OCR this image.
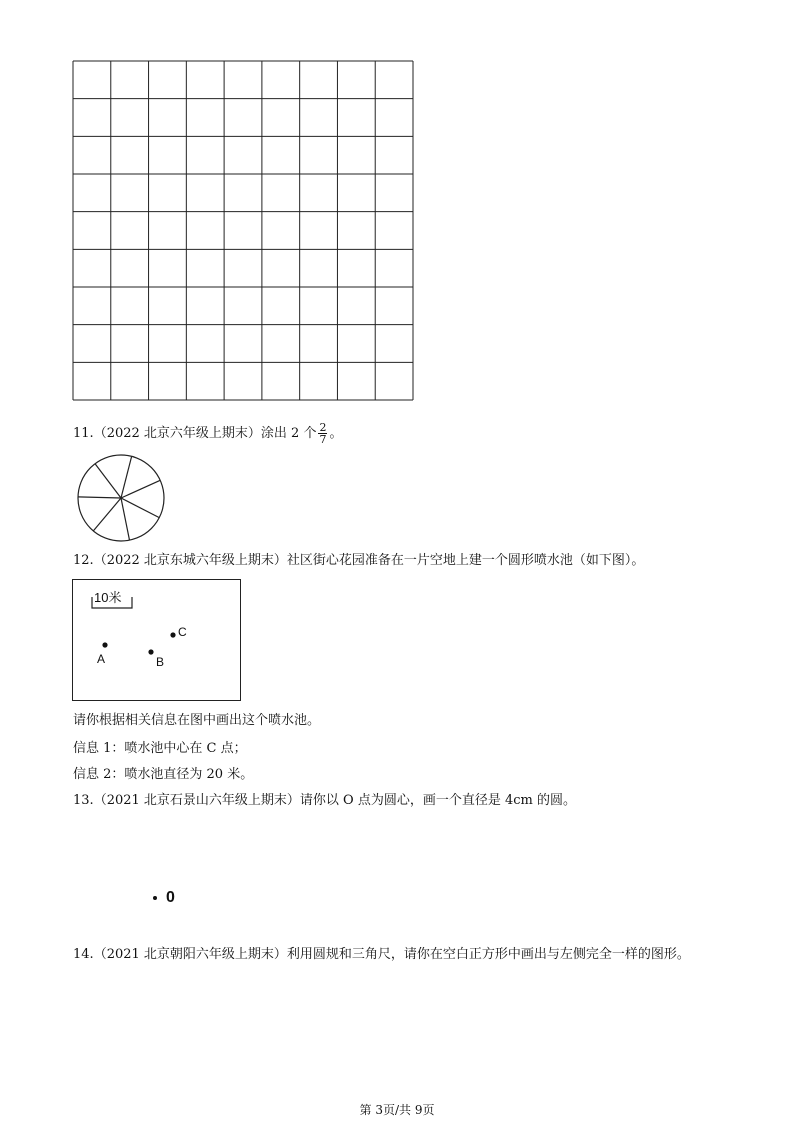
11.（2022 北京六年级上期末）涂出 2 个 $\frac{2}{7}$ 。
12.（2022 北京东城六年级上期末）社区街心花园准备在一片空地上建一个圆形喷水池（如下图）。
10米
A	B
C
请你根据相关信息在图中画出这个喷水池。
信息 1：喷水池中心在 C 点；
信息 2：喷水池直径为 20 米。
13.（2021 北京石景山六年级上期末）请你以 O 点为圆心，画一个直径是 4cm 的圆。
0
14.（2021 北京朝阳六年级上期末）利用圆规和三角尺，请你在空白正方形中画出与左侧完全一样的图形。
第 3页/共 9页
